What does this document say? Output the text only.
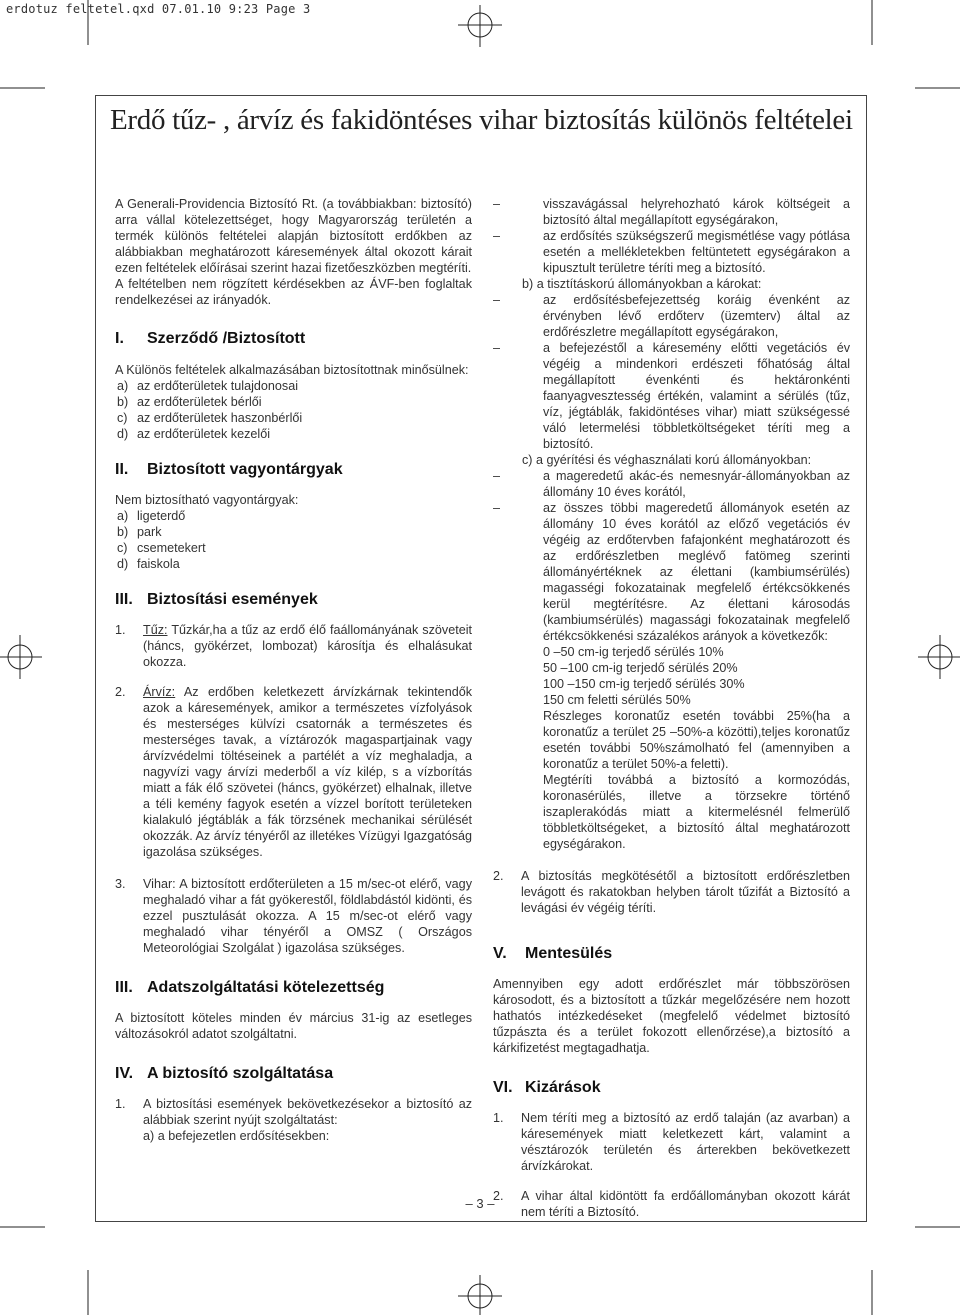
erdotuz feltetel.qxd 07.01.10 9:23 Page 3
Erdő tűz- , árvíz és fakidöntéses vihar biztosítás különös feltételei

A Generali-Providencia Biztosító Rt. (a továbbiakban: biztosító) arra vállal kötelezettséget, hogy Magyarország területén a termék különös feltételei alapján biztosított erdőkben az alábbiakban meghatározott káresemények által okozott kárait ezen feltételek előírásai szerint hazai fizetőeszközben megtéríti.

A feltételben nem rögzített kérdésekben az ÁVF-ben foglaltak rendelkezései az irányadók.

I.	Szerződő /Biztosított

A Különös feltételek alkalmazásában biztosítottnak minősülnek:

a) az erdőterületek tulajdonosai
b) az erdőterületek bérlői
c) az erdőterületek haszonbérlői
d) az erdőterületek kezelői
II.	Biztosított vagyontárgyak

Nem biztosítható vagyontárgyak:

a) ligeterdő
b) park
c) csemetekert
d) faiskola
III. Biztosítási események
1.	Tűz: Tűzkár,ha a tűz az erdő élő faállományának szöveteit (háncs, gyökérzet, lombozat) károsítja és elhalásukat okozza.
2.	Árvíz: Az erdőben keletkezett árvízkárnak tekintendők azok a káresemények, amikor a természetes vízfolyások és mesterséges külvízi csatornák a természetes és mesterséges tavak, a víztározók magaspartjainak vagy árvízvédelmi töltéseinek a partélét a víz meghaladja, a nagyvízi vagy árvízi mederből a víz kilép, s a vízborítás miatt a fák élő szövetei (háncs, gyökérzet) elhalnak, illetve a téli kemény fagyok esetén a vízzel borított területeken kialakuló jégtáblák a fák törzsének mechanikai sérülését okozzák. Az árvíz tényéről az illetékes Vízügyi Igazgatóság igazolása szükséges.
3.	Vihar: A biztosított erdőterületen a 15 m/sec-ot elérő, vagy meghaladó vihar a fát gyökerestől, földlabdástól kidönti, és ezzel pusztulását okozza. A 15 m/sec-ot elérő vagy meghaladó vihar tényéről a OMSZ ( Országos Meteorológiai Szolgálat ) igazolása szükséges.
III. Adatszolgáltatási kötelezettség

A biztosított köteles minden év március 31-ig az esetleges változásokról adatot szolgáltatni.

IV. A biztosító szolgáltatása
1.	A biztosítási események bekövetkezésekor a biztosító az alábbiak szerint nyújt szolgáltatást:
a) a befejezetlen erdősítésekben:
–	visszavágással helyrehozható károk költségeit a biztosító által megállapított egységárakon,
–	az erdősítés szükségszerű megismétlése vagy pótlása esetén a mellékletekben feltüntetett egységárakon a kipusztult területre téríti meg a biztosító.

b) a tisztításkorú állományokban a károkat:

–	az erdősítésbefejezettség koráig évenként az érvényben lévő erdőterv (üzemterv) által az erdőrészletre megállapított egységárakon,
–	a befejezéstől a káresemény előtti vegetációs év végéig a mindenkori erdészeti főhatóság által megállapított évenkénti és hektáronkénti faanyagvesztesség értékén, valamint a sérülés (tűz, víz, jégtáblák, fakidöntéses vihar) miatt szükségessé váló letermelési többletköltségeket téríti meg a biztosító.

c) a gyérítési és véghasználati korú állományokban:

–	a mageredetű akác-és nemesnyár-állományokban az állomány 10 éves korától,
–	az összes többi mageredetű állományok esetén az állomány 10 éves korától az előző vegetációs év végéig az erdőtervben fafajonként meghatározott és az erdőrészletben meglévő fatömeg szerinti állományértéknek az élettani (kambiumsérülés) magasségi fokozatainak megfelelő értékcsökkenés kerül megtérítésre. Az élettani károsodás (kambiumsérülés) magassági fokozatainak megfelelő értékcsökkenési százalékos arányok a következők:

0 –50 cm-ig terjedő sérülés 10%

50 –100 cm-ig terjedő sérülés 20%

100 –150 cm-ig terjedő sérülés 30%

150 cm feletti sérülés 50%

Részleges koronatűz esetén további 25%(ha a koronatűz a terület 25 –50%-a közötti),teljes koronatűz esetén további 50%számolható fel (amennyiben a koronatűz a terület 50%-a feletti).

Megtéríti továbbá a biztosító a kormozódás, koronasérülés, illetve a törzsekre történő iszaplerakódás miatt a kitermelésnél felmerülő többletköltségeket, a biztosító által meghatározott egységárakon.

2.	A biztosítás megkötésétől a biztosított erdőrészletben levágott és rakatokban helyben tárolt tűzifát a Biztosító a levágási év végéig téríti.
V.	Mentesülés

Amennyiben egy adott erdőrészlet már többszörösen károsodott, és a biztosított a tűzkár megelőzésére nem hozott hathatós intézkedéseket (megfelelő védelmet biztosító tűzpászta és a terület fokozott ellenőrzése),a biztosító a kárkifizetést megtagadhatja.

VI. Kizárások
1.	Nem téríti meg a biztosító az erdő talaján (az avarban) a káresemények miatt keletkezett kárt, valamint a vésztározók területén és árterekben bekövetkezett árvízkárokat.
2.	A vihar által kidöntött fa erdőállományban okozott kárát nem téríti a Biztosító.
– 3 –
